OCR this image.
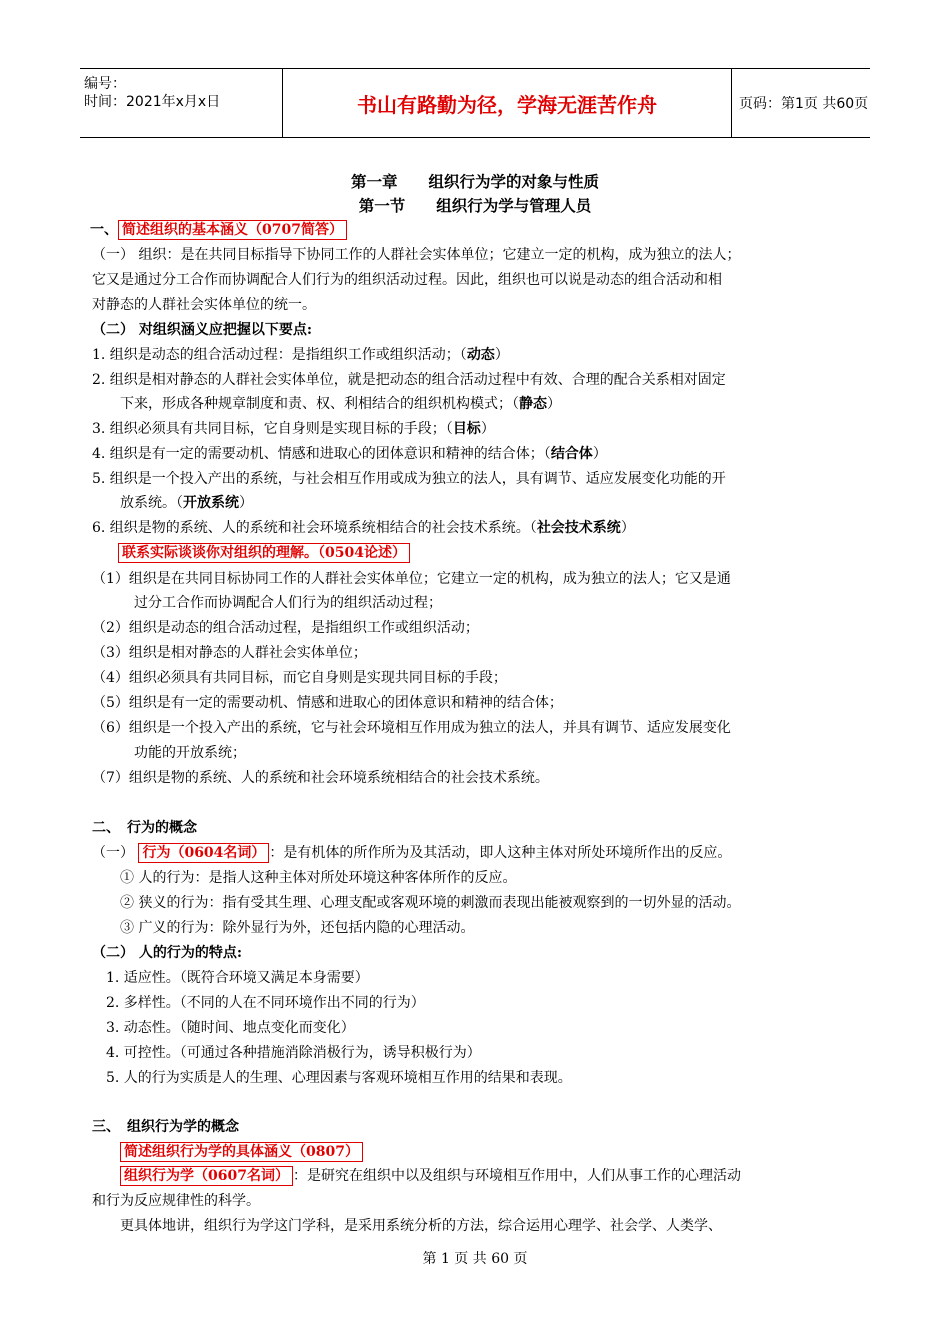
编号：
时间：2021年x月x日	书山有路勤为径，学海无涯苦作舟	页码：第1页 共60页
第一章　　组织行为学的对象与性质
第一节　　组织行为学与管理人员
一、 简述组织的基本涵义（0707简答）
（一） 组织：是在共同目标指导下协同工作的人群社会实体单位；它建立一定的机构，成为独立的法人；
它又是通过分工合作而协调配合人们行为的组织活动过程。因此，组织也可以说是动态的组合活动和相
对静态的人群社会实体单位的统一。
（二） 对组织涵义应把握以下要点:
1. 组织是动态的组合活动过程：是指组织工作或组织活动；（动态）
2. 组织是相对静态的人群社会实体单位，就是把动态的组合活动过程中有效、合理的配合关系相对固定
下来，形成各种规章制度和责、权、利相结合的组织机构模式；（静态）
3. 组织必须具有共同目标，它自身则是实现目标的手段；（目标）
4. 组织是有一定的需要动机、情感和进取心的团体意识和精神的结合体；（结合体）
5. 组织是一个投入产出的系统，与社会相互作用或成为独立的法人，具有调节、适应发展变化功能的开
放系统。（开放系统）
6. 组织是物的系统、人的系统和社会环境系统相结合的社会技术系统。（社会技术系统）
联系实际谈谈你对组织的理解。（0504论述）
（1）组织是在共同目标协同工作的人群社会实体单位；它建立一定的机构，成为独立的法人；它又是通
过分工合作而协调配合人们行为的组织活动过程；
（2）组织是动态的组合活动过程，是指组织工作或组织活动；
（3）组织是相对静态的人群社会实体单位；
（4）组织必须具有共同目标，而它自身则是实现共同目标的手段；
（5）组织是有一定的需要动机、情感和进取心的团体意识和精神的结合体；
（6）组织是一个投入产出的系统，它与社会环境相互作用成为独立的法人，并具有调节、适应发展变化
功能的开放系统；
（7）组织是物的系统、人的系统和社会环境系统相结合的社会技术系统。
二、　行为的概念
（一） 行为（0604名词） ：是有机体的所作所为及其活动，即人这种主体对所处环境所作出的反应。
① 人的行为：是指人这种主体对所处环境这种客体所作的反应。
② 狭义的行为：指有受其生理、心理支配或客观环境的刺激而表现出能被观察到的一切外显的活动。
③ 广义的行为：除外显行为外，还包括内隐的心理活动。
（二） 人的行为的特点:
1. 适应性。（既符合环境又满足本身需要）
2. 多样性。（不同的人在不同环境作出不同的行为）
3. 动态性。（随时间、地点变化而变化）
4. 可控性。（可通过各种措施消除消极行为，诱导积极行为）
5. 人的行为实质是人的生理、心理因素与客观环境相互作用的结果和表现。
三、　组织行为学的概念
简述组织行为学的具体涵义（0807）
组织行为学（0607名词） ：是研究在组织中以及组织与环境相互作用中，人们从事工作的心理活动
和行为反应规律性的科学。
更具体地讲，组织行为学这门学科，是采用系统分析的方法，综合运用心理学、社会学、人类学、
第 1 页 共 60 页
